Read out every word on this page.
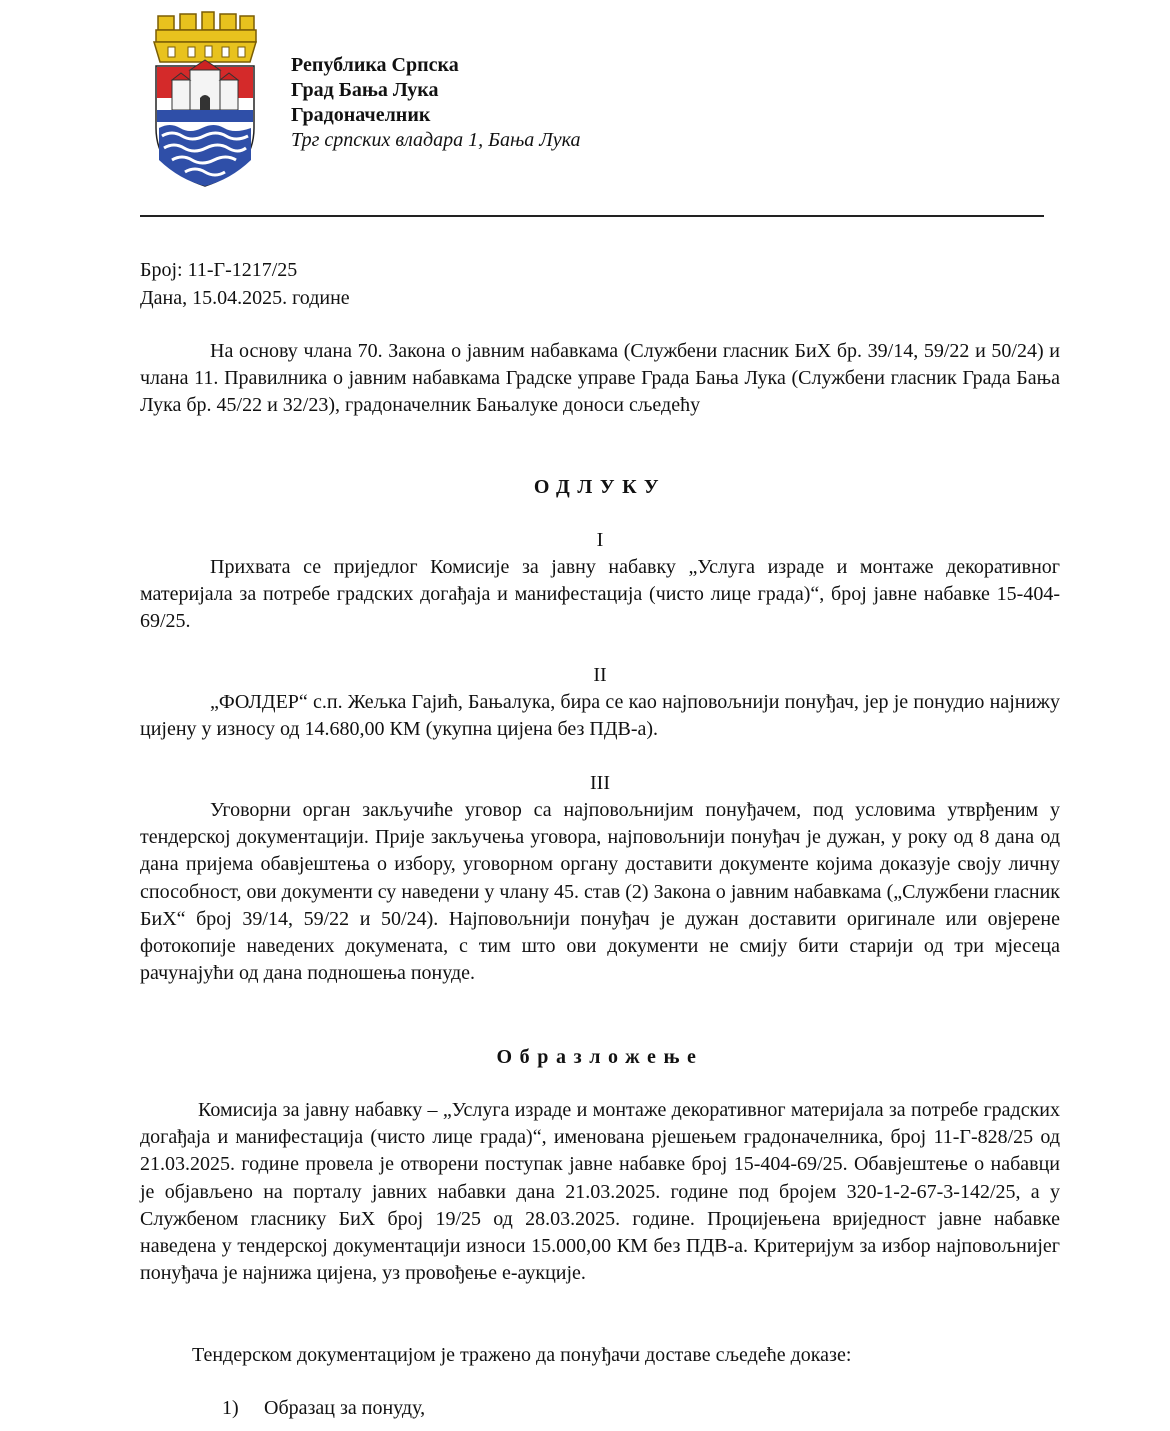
Република Српска
Град Бања Лука
Градоначелник
Трг српских владара 1, Бања Лука
Број: 11-Г-1217/25
Дана, 15.04.2025. године

На основу члана 70. Закона о јавним набавкама (Службени гласник БиХ бр. 39/14, 59/22 и 50/24) и члана 11. Правилника о јавним набавкама Градске управе Града Бања Лука (Службени гласник Града Бања Лука бр. 45/22 и 32/23), градоначелник Бањалуке доноси сљедећу

ОДЛУКУ

I

Прихвата се приједлог Комисије за јавну набавку „Услуга израде и монтаже декоративног материјала за потребе градских догађаја и манифестација (чисто лице града)“, број јавне набавке 15-404-69/25.

II

„ФОЛДЕР“ с.п. Жељка Гајић, Бањалука, бира се као најповољнији понуђач, јер је понудио најнижу цијену у износу од 14.680,00 КМ (укупна цијена без ПДВ-а).

III

Уговорни орган закључиће уговор са најповољнијим понуђачем, под условима утврђеним у тендерској документацији. Прије закључења уговора, најповољнији понуђач је дужан, у року од 8 дана од дана пријема обавјештења о избору, уговорном органу доставити документе којима доказује своју личну способност, ови документи су наведени у члану 45. став (2) Закона о јавним набавкама („Службени гласник БиХ“ број 39/14, 59/22 и 50/24). Најповољнији понуђач је дужан доставити оригинале или овјерене фотокопије наведених докумената, с тим што ови документи не смију бити старији од три мјесеца рачунајући од дана подношења понуде.

Образложење

Комисија за јавну набавку – „Услуга израде и монтаже декоративног материјала за потребе градских догађаја и манифестација (чисто лице града)“, именована рјешењем градоначелника, број 11-Г-828/25 од 21.03.2025. године провела је отворени поступак јавне набавке број 15-404-69/25. Обавјештење о набавци је објављено на порталу јавних набавки дана 21.03.2025. године под бројем 320-1-2-67-3-142/25, а у Службеном гласнику БиХ број 19/25 од 28.03.2025. године. Процијењена вриједност јавне набавке наведена у тендерској документацији износи 15.000,00 КМ без ПДВ-а. Критеријум за избор најповољнијег понуђача је најнижа цијена, уз провођење е-аукције.

Тендерском документацијом је тражено да понуђачи доставе сљедеће доказе:

1) Образац за понуду,
